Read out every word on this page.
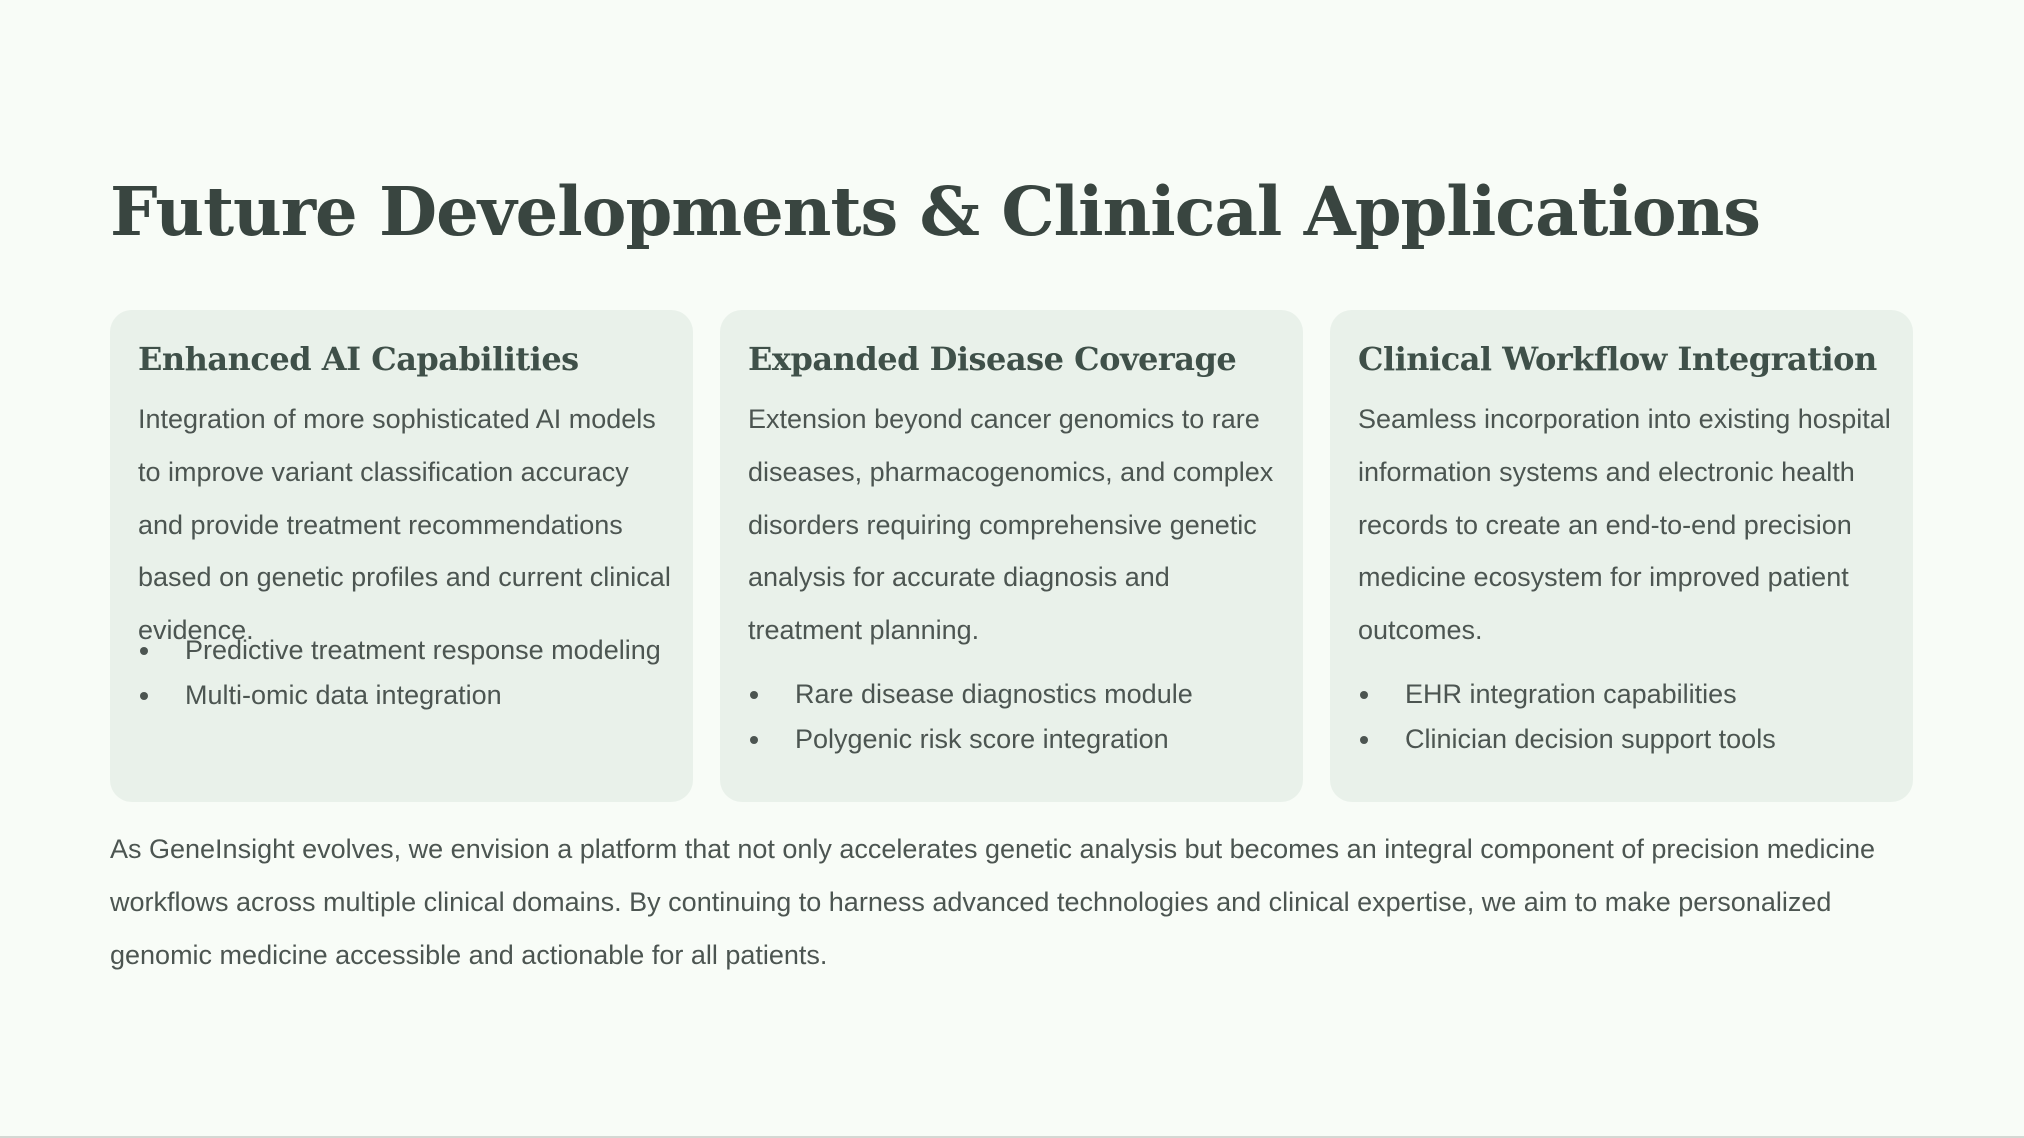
Future Developments & Clinical Applications
Enhanced AI Capabilities

Integration of more sophisticated AI models to improve variant classification accuracy and provide treatment recommendations based on genetic profiles and current clinical evidence.

Predictive treatment response modeling
Multi-omic data integration
Expanded Disease Coverage

Extension beyond cancer genomics to rare diseases, pharmacogenomics, and complex disorders requiring comprehensive genetic analysis for accurate diagnosis and treatment planning.

Rare disease diagnostics module
Polygenic risk score integration
Clinical Workflow Integration

Seamless incorporation into existing hospital information systems and electronic health records to create an end-to-end precision medicine ecosystem for improved patient outcomes.

EHR integration capabilities
Clinician decision support tools

As GeneInsight evolves, we envision a platform that not only accelerates genetic analysis but becomes an integral component of precision medicine workflows across multiple clinical domains. By continuing to harness advanced technologies and clinical expertise, we aim to make personalized genomic medicine accessible and actionable for all patients.
